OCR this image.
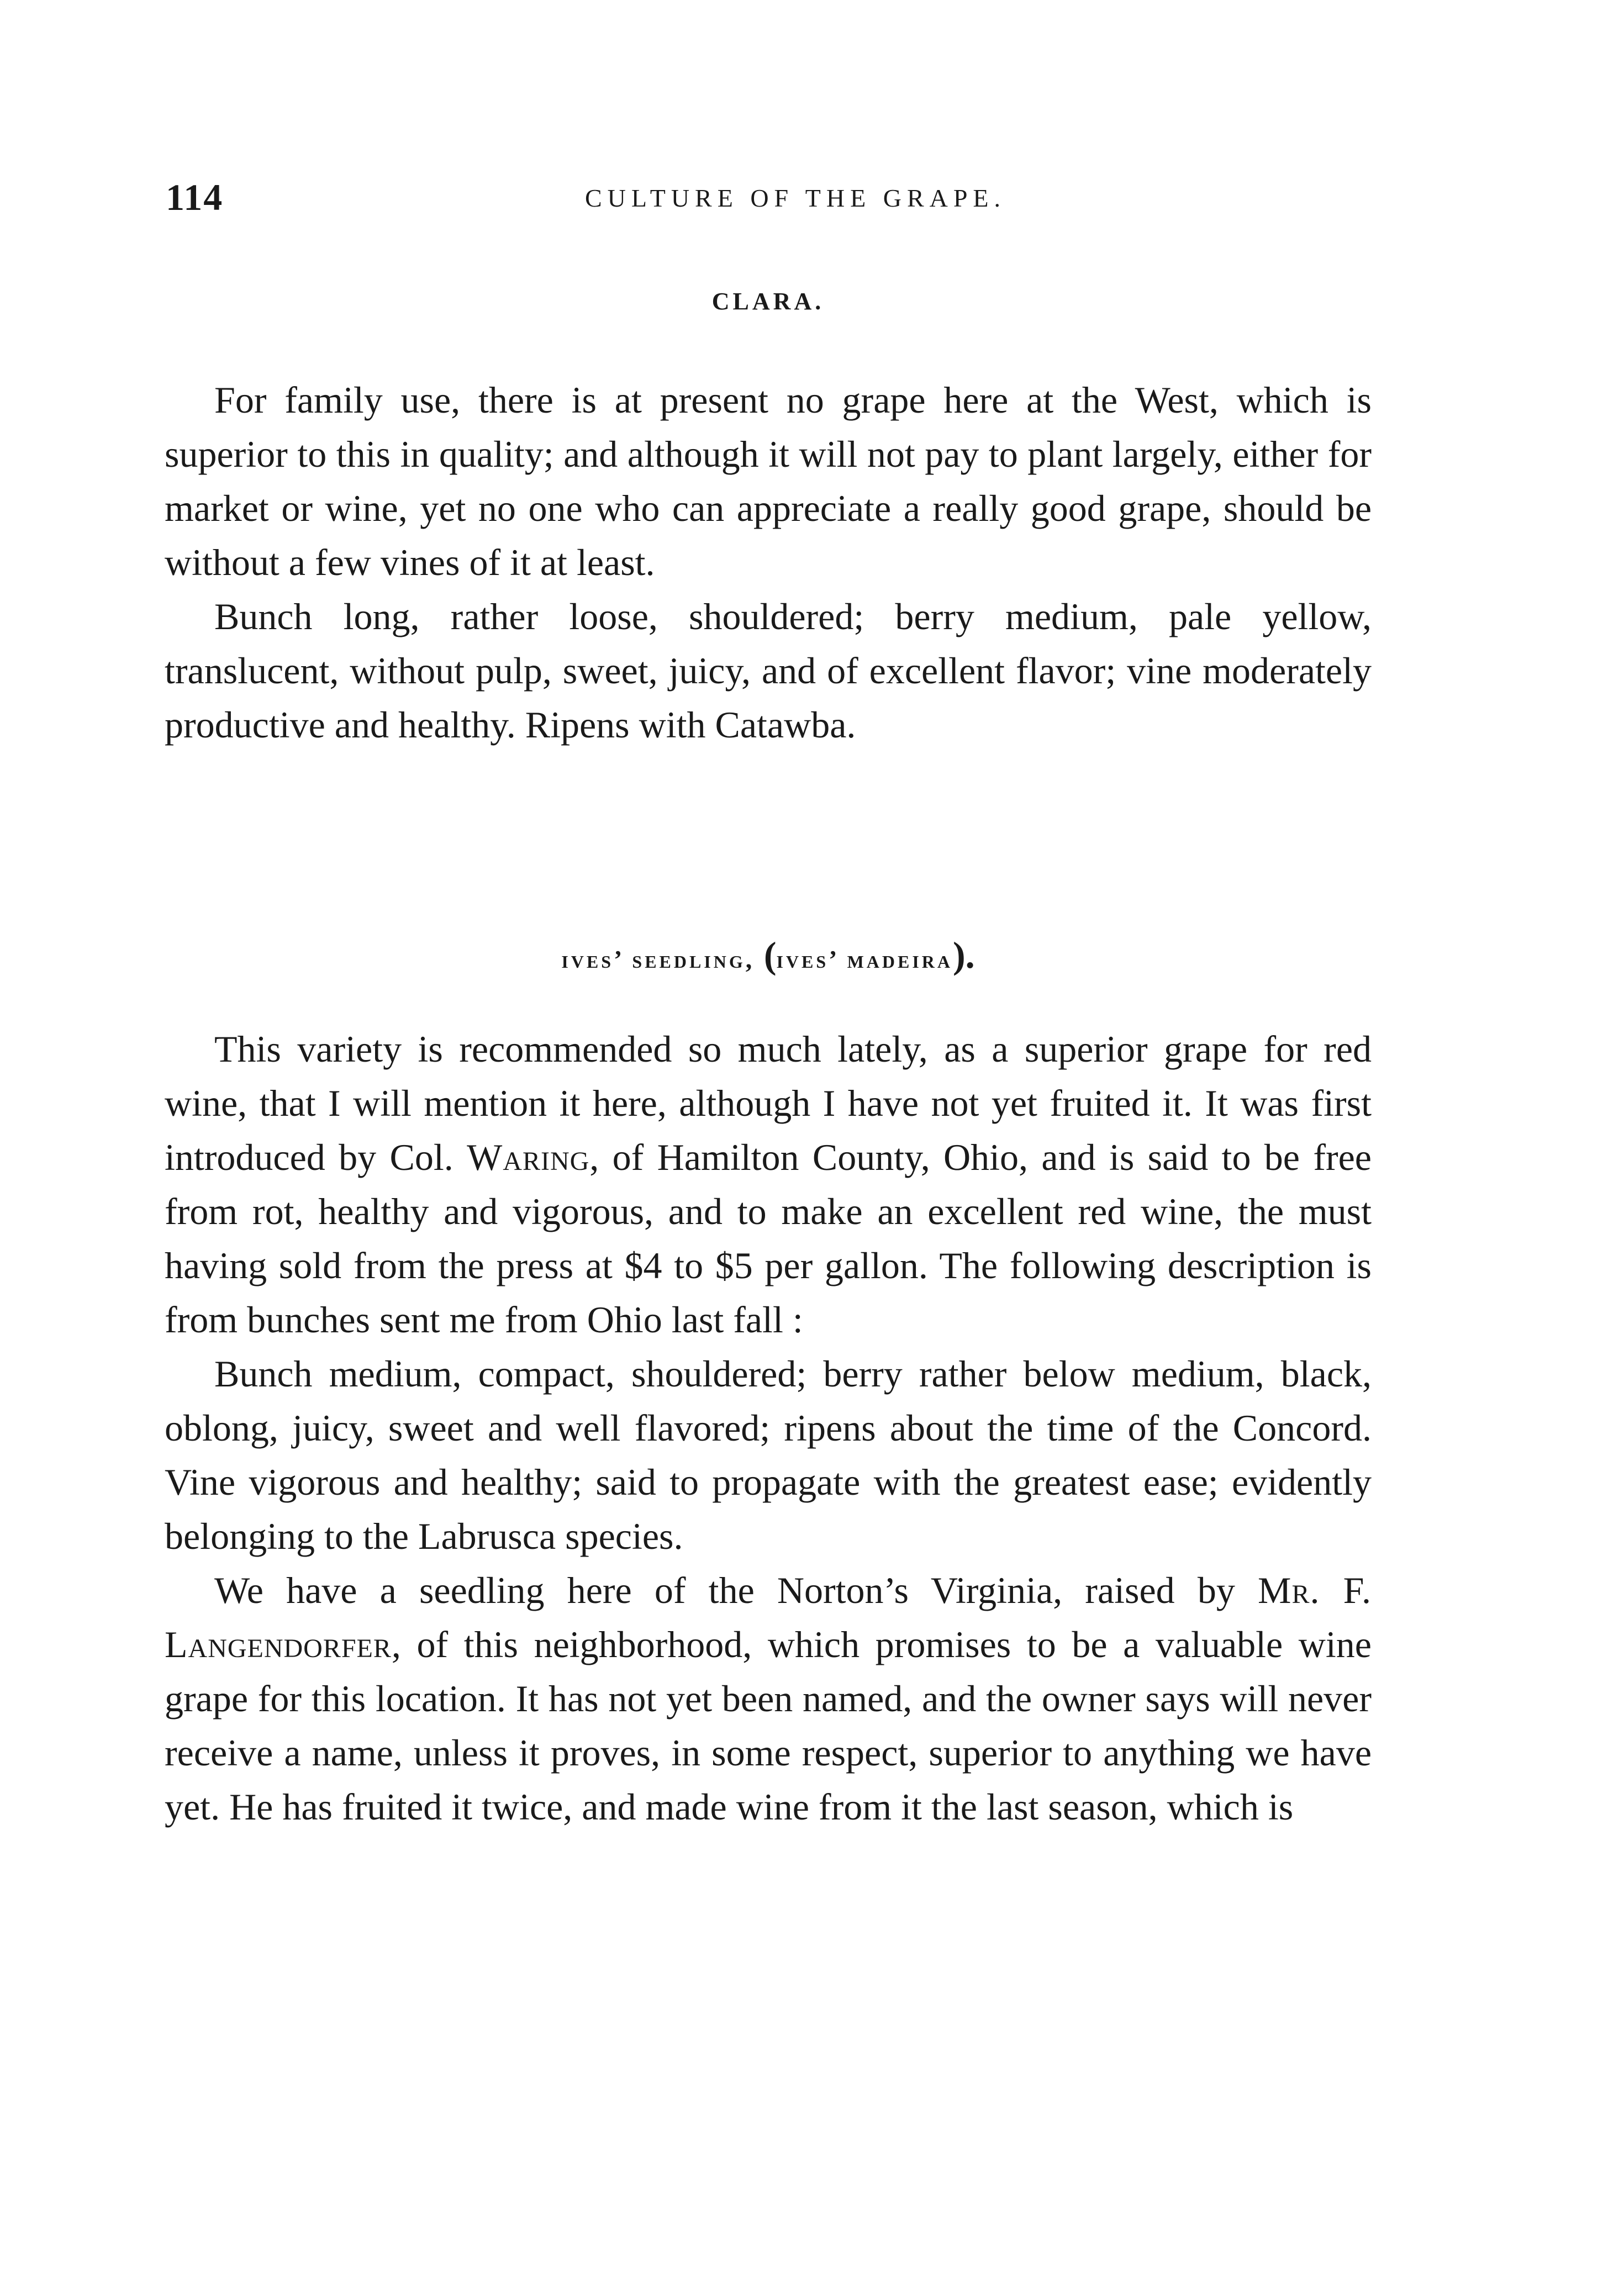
114	CULTURE OF THE GRAPE.
CLARA.

For family use, there is at present no grape here at the West, which is superior to this in quality; and although it will not pay to plant largely, either for market or wine, yet no one who can appreciate a really good grape, should be without a few vines of it at least.

Bunch long, rather loose, shouldered; berry medium, pale yellow, translucent, without pulp, sweet, juicy, and of excellent flavor; vine moderately productive and healthy. Ripens with Catawba.

ives’ seedling, (ives’ madeira).

This variety is recommended so much lately, as a superior grape for red wine, that I will mention it here, although I have not yet fruited it. It was first introduced by Col. Waring, of Hamilton County, Ohio, and is said to be free from rot, healthy and vigorous, and to make an excellent red wine, the must having sold from the press at $4 to $5 per gallon. The following description is from bunches sent me from Ohio last fall :

Bunch medium, compact, shouldered; berry rather below medium, black, oblong, juicy, sweet and well flavored; ripens about the time of the Concord. Vine vigorous and healthy; said to propagate with the greatest ease; evidently belonging to the Labrusca species.

We have a seedling here of the Norton’s Virginia, raised by Mr. F. Langendorfer, of this neighborhood, which promises to be a valuable wine grape for this location. It has not yet been named, and the owner says will never receive a name, unless it proves, in some respect, superior to anything we have yet. He has fruited it twice, and made wine from it the last season, which is
